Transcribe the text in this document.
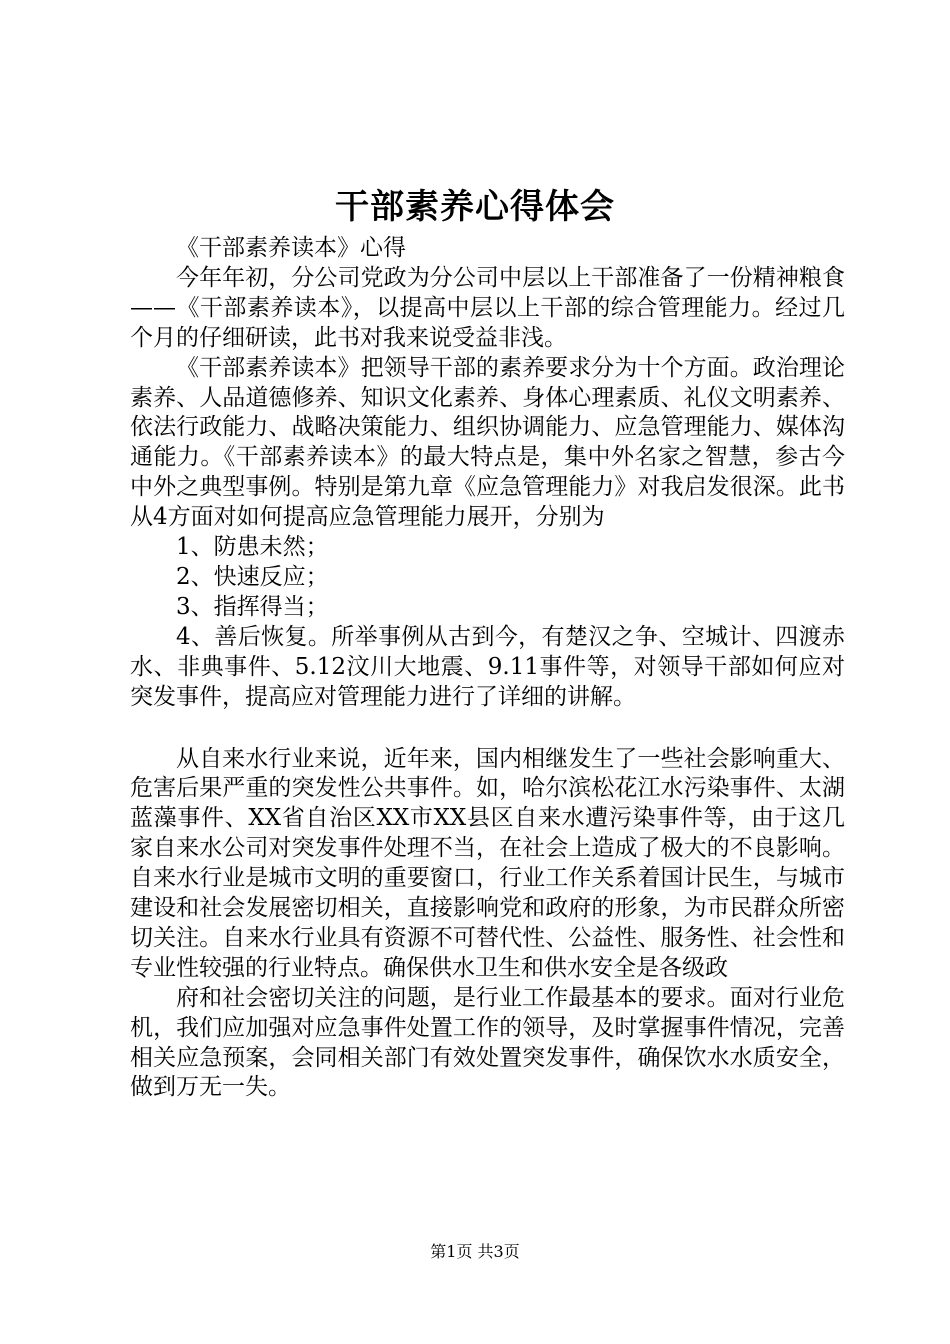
干部素养心得体会

《干部素养读本》心得

今年年初，分公司党政为分公司中层以上干部准备了一份精神粮食——《干部素养读本》，以提高中层以上干部的综合管理能力。经过几个月的仔细研读，此书对我来说受益非浅。

《干部素养读本》把领导干部的素养要求分为十个方面。政治理论素养、人品道德修养、知识文化素养、身体心理素质、礼仪文明素养、依法行政能力、战略决策能力、组织协调能力、应急管理能力、媒体沟通能力。《干部素养读本》的最大特点是，集中外名家之智慧，参古今中外之典型事例。特别是第九章《应急管理能力》对我启发很深。此书从4方面对如何提高应急管理能力展开，分别为

1、防患未然；

2、快速反应；

3、指挥得当；

4、善后恢复。所举事例从古到今，有楚汉之争、空城计、四渡赤水、非典事件、5.12汶川大地震、9.11事件等，对领导干部如何应对突发事件，提高应对管理能力进行了详细的讲解。

从自来水行业来说，近年来，国内相继发生了一些社会影响重大、危害后果严重的突发性公共事件。如，哈尔滨松花江水污染事件、太湖蓝藻事件、XX省自治区XX市XX县区自来水遭污染事件等，由于这几家自来水公司对突发事件处理不当，在社会上造成了极大的不良影响。自来水行业是城市文明的重要窗口，行业工作关系着国计民生，与城市建设和社会发展密切相关，直接影响党和政府的形象，为市民群众所密切关注。自来水行业具有资源不可替代性、公益性、服务性、社会性和专业性较强的行业特点。确保供水卫生和供水安全是各级政

府和社会密切关注的问题，是行业工作最基本的要求。面对行业危机，我们应加强对应急事件处置工作的领导，及时掌握事件情况，完善相关应急预案，会同相关部门有效处置突发事件，确保饮水水质安全，做到万无一失。

第1页 共3页
